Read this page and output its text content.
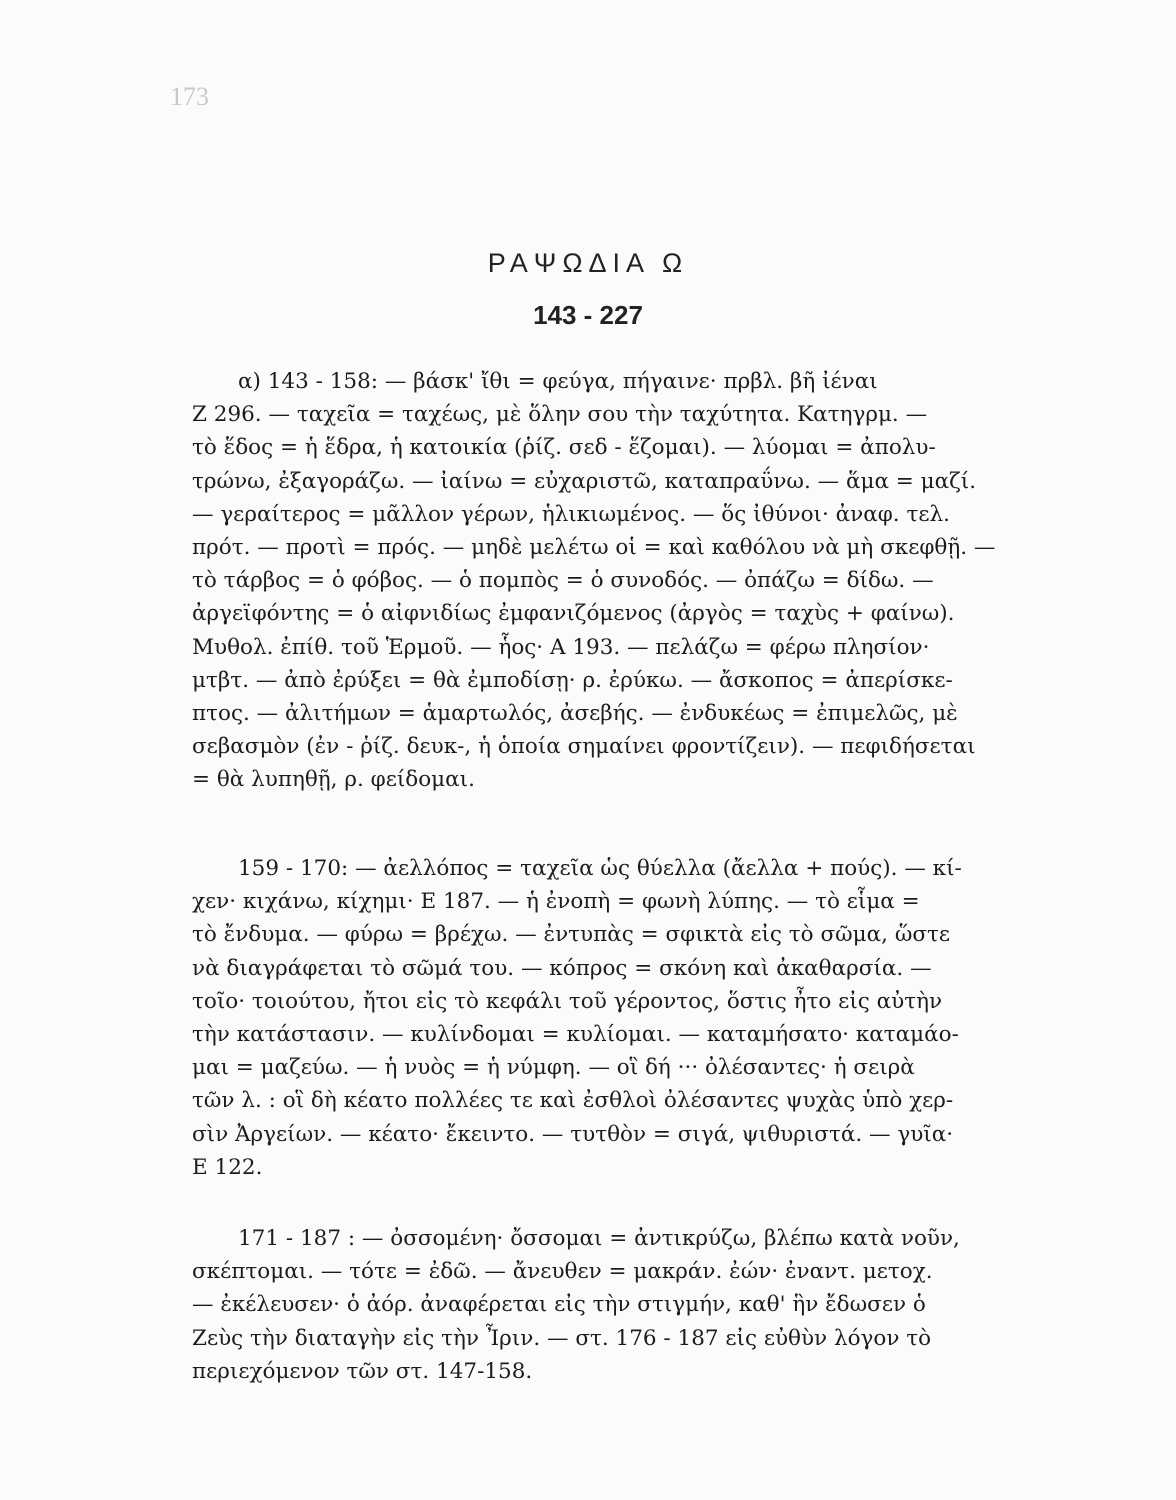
173
ΡΑΨΩΔΙΑ Ω
143 - 227
α) 143 - 158: — βάσκ' ἴθι = φεύγα, πήγαινε· πρβλ. βῆ ἰέναι
Ζ 296. — ταχεῖα = ταχέως, μὲ ὅλην σου τὴν ταχύτητα. Κατηγρμ. —
τὸ ἕδος = ἡ ἕδρα, ἡ κατοικία (ῥίζ. σεδ - ἕζομαι). — λύομαι = ἀπολυ-
τρώνω, ἐξαγοράζω. — ἰαίνω = εὐχαριστῶ, καταπραΰνω. — ἅμα = μαζί.
— γεραίτερος = μᾶλλον γέρων, ἡλικιωμένος. — ὅς ἰθύνοι· ἀναφ. τελ.
πρότ. — προτὶ = πρός. — μηδὲ μελέτω οἱ = καὶ καθόλου νὰ μὴ σκεφθῇ. —
τὸ τάρβος = ὁ φόβος. — ὁ πομπὸς = ὁ συνοδός. — ὀπάζω = δίδω. —
ἀργεϊφόντης = ὁ αἰφνιδίως ἐμφανιζόμενος (ἀργὸς = ταχὺς + φαίνω).
Μυθολ. ἐπίθ. τοῦ Ἑρμοῦ. — ἧος· Α 193. — πελάζω = φέρω πλησίον·
μτβτ. — ἀπὸ ἐρύξει = θὰ ἐμποδίσῃ· ρ. ἐρύκω. — ἄσκοπος = ἀπερίσκε-
πτος. — ἀλιτήμων = ἁμαρτωλός, ἀσεβής. — ἐνδυκέως = ἐπιμελῶς, μὲ
σεβασμὸν (ἐν - ῥίζ. δευκ-, ἡ ὁποία σημαίνει φροντίζειν). — πεφιδήσεται
= θὰ λυπηθῇ, ρ. φείδομαι.
159 - 170: — ἀελλόπος = ταχεῖα ὡς θύελλα (ἄελλα + πούς). — κί-
χεν· κιχάνω, κίχημι· Ε 187. — ἡ ἐνοπὴ = φωνὴ λύπης. — τὸ εἷμα =
τὸ ἔνδυμα. — φύρω = βρέχω. — ἐντυπὰς = σφικτὰ εἰς τὸ σῶμα, ὥστε
νὰ διαγράφεται τὸ σῶμά του. — κόπρος = σκόνη καὶ ἀκαθαρσία. —
τοῖο· τοιούτου, ἤτοι εἰς τὸ κεφάλι τοῦ γέροντος, ὅστις ἦτο εἰς αὐτὴν
τὴν κατάστασιν. — κυλίνδομαι = κυλίομαι. — καταμήσατο· καταμάο-
μαι = μαζεύω. — ἡ νυὸς = ἡ νύμφη. — οἳ δή ··· ὀλέσαντες· ἡ σειρὰ
τῶν λ. : οἳ δὴ κέατο πολλέες τε καὶ ἐσθλοὶ ὀλέσαντες ψυχὰς ὑπὸ χερ-
σὶν Ἀργείων. — κέατο· ἔκειντο. — τυτθὸν = σιγά, ψιθυριστά. — γυῖα·
Ε 122.
171 - 187 : — ὀσσομένη· ὄσσομαι = ἀντικρύζω, βλέπω κατὰ νοῦν,
σκέπτομαι. — τότε = ἐδῶ. — ἄνευθεν = μακράν. ἐών· ἐναντ. μετοχ.
— ἐκέλευσεν· ὁ ἀόρ. ἀναφέρεται εἰς τὴν στιγμήν, καθ' ἣν ἔδωσεν ὁ
Ζεὺς τὴν διαταγὴν εἰς τὴν Ἶριν. — στ. 176 - 187 εἰς εὐθὺν λόγον τὸ
περιεχόμενον τῶν στ. 147-158.
